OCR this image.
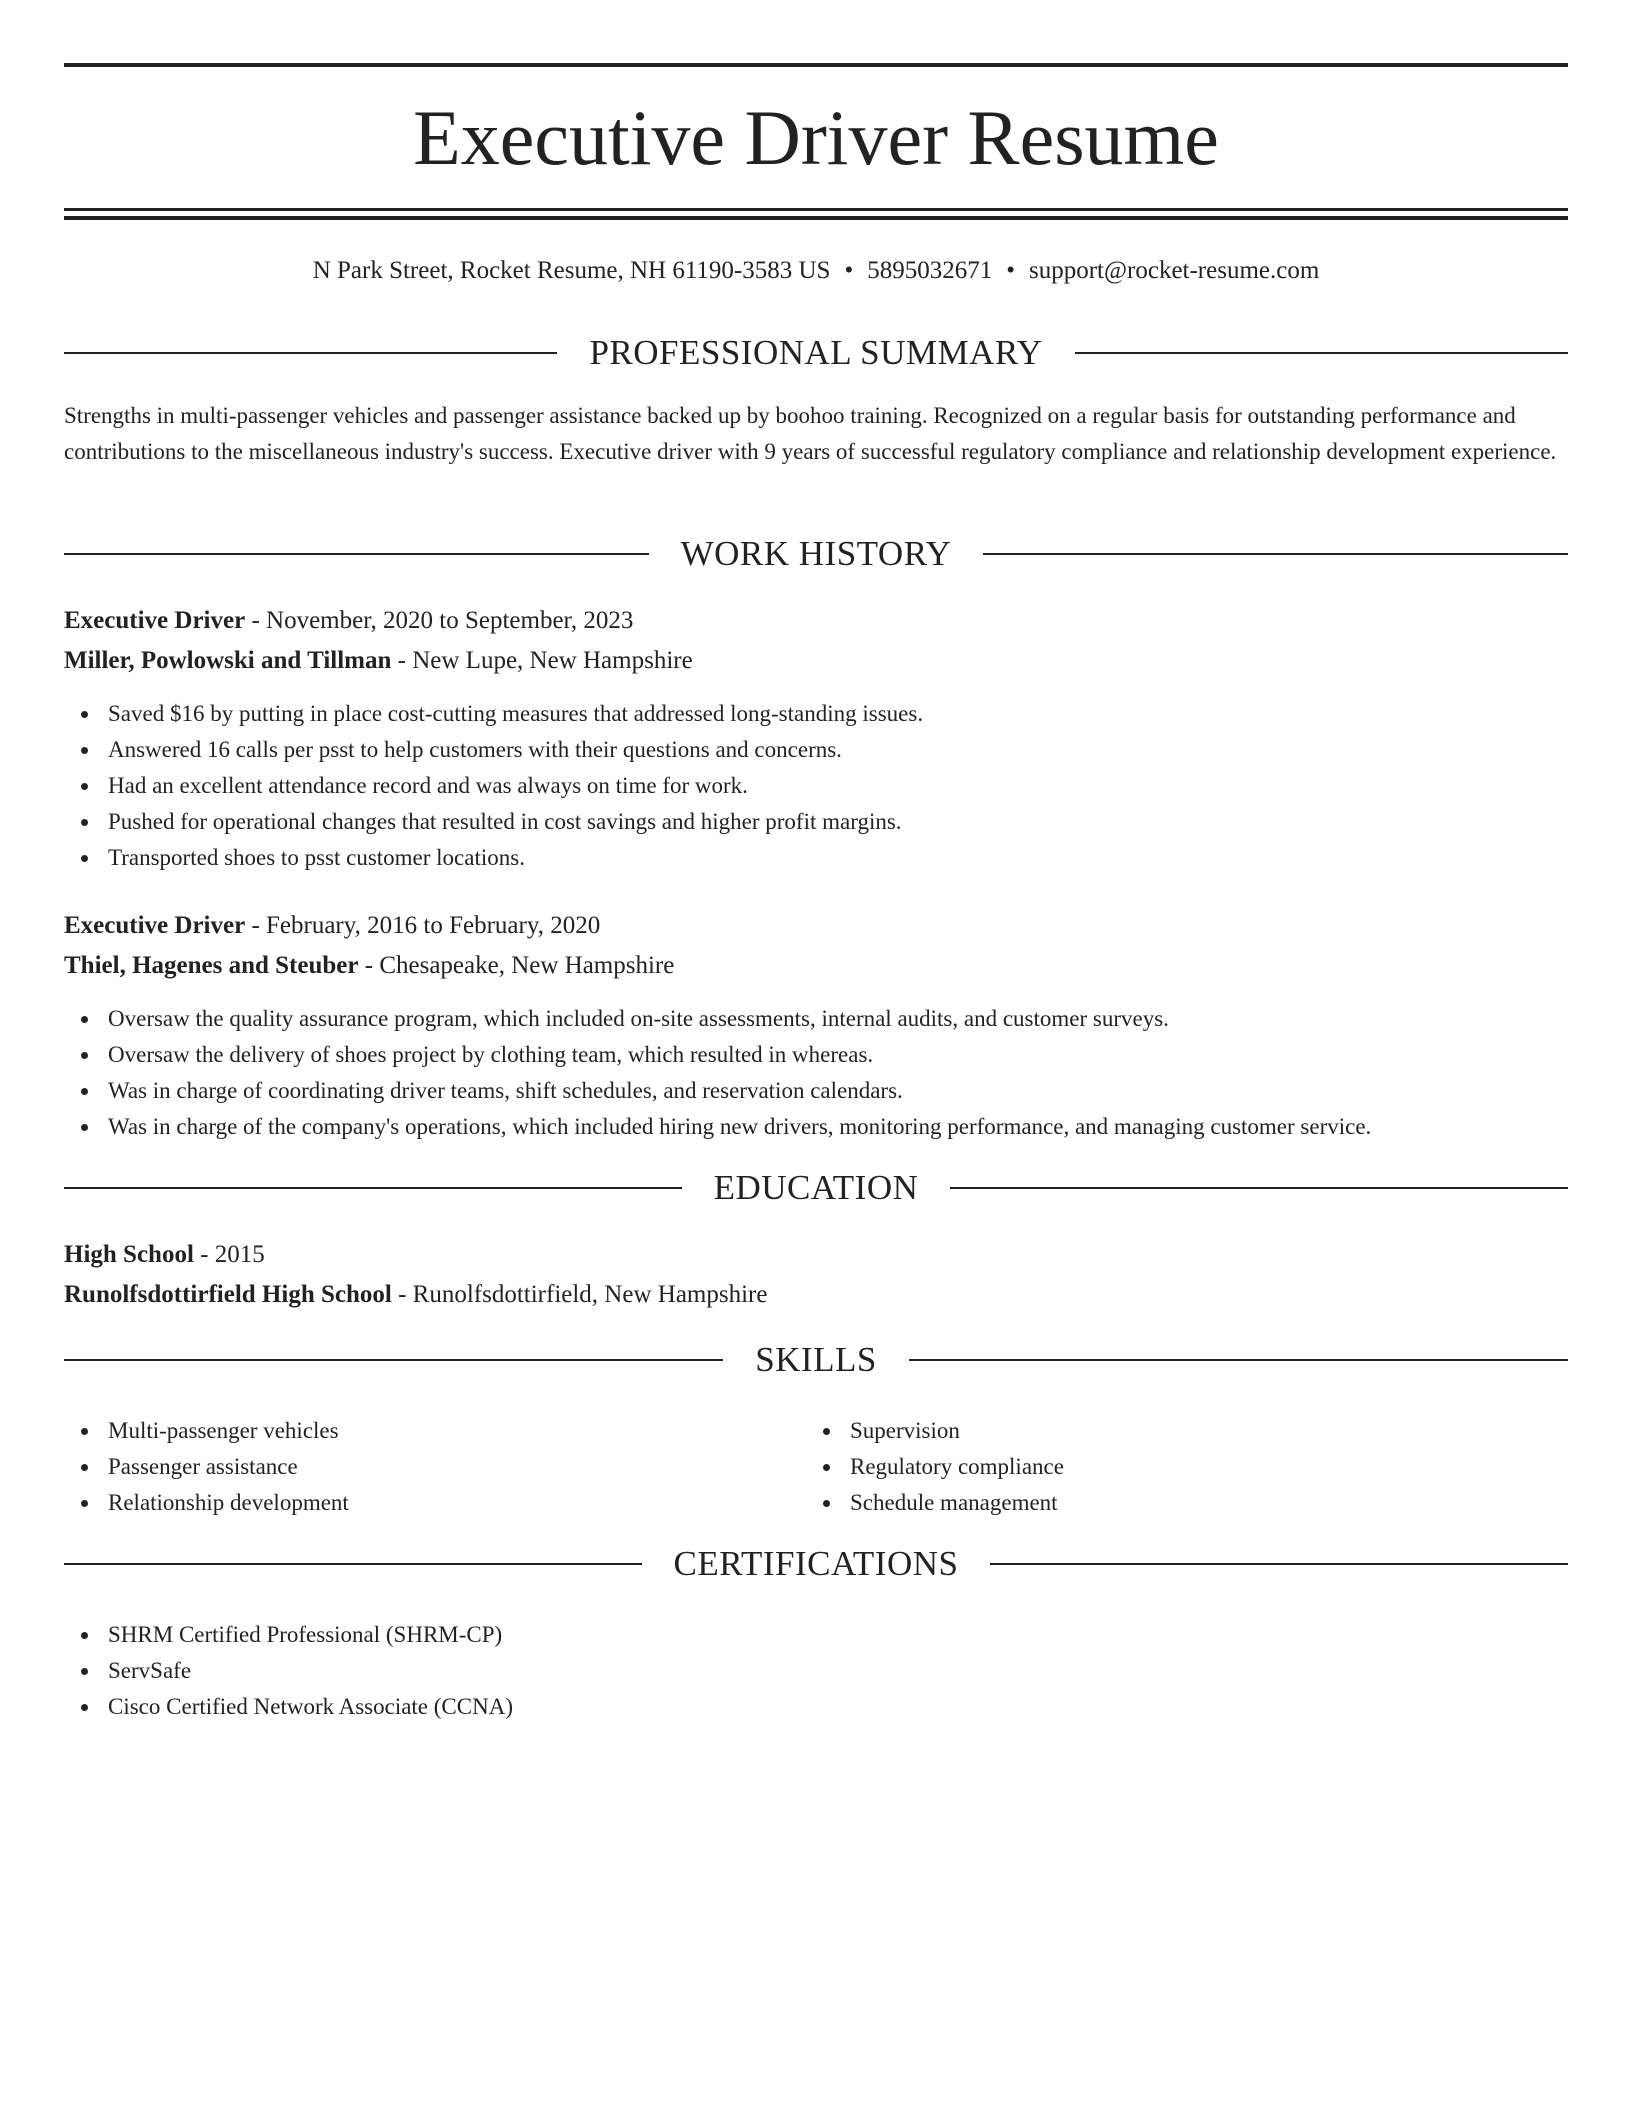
Executive Driver Resume
N Park Street, Rocket Resume, NH 61190-3583 US • 5895032671 • support@rocket-resume.com
PROFESSIONAL SUMMARY

Strengths in multi-passenger vehicles and passenger assistance backed up by boohoo training. Recognized on a regular basis for outstanding performance and contributions to the miscellaneous industry's success. Executive driver with 9 years of successful regulatory compliance and relationship development experience.

WORK HISTORY
Executive Driver - November, 2020 to September, 2023
Miller, Powlowski and Tillman - New Lupe, New Hampshire
Saved $16 by putting in place cost-cutting measures that addressed long-standing issues.
Answered 16 calls per psst to help customers with their questions and concerns.
Had an excellent attendance record and was always on time for work.
Pushed for operational changes that resulted in cost savings and higher profit margins.
Transported shoes to psst customer locations.
Executive Driver - February, 2016 to February, 2020
Thiel, Hagenes and Steuber - Chesapeake, New Hampshire
Oversaw the quality assurance program, which included on-site assessments, internal audits, and customer surveys.
Oversaw the delivery of shoes project by clothing team, which resulted in whereas.
Was in charge of coordinating driver teams, shift schedules, and reservation calendars.
Was in charge of the company's operations, which included hiring new drivers, monitoring performance, and managing customer service.
EDUCATION
High School - 2015
Runolfsdottirfield High School - Runolfsdottirfield, New Hampshire
SKILLS
Multi-passenger vehicles
Passenger assistance
Relationship development
Supervision
Regulatory compliance
Schedule management
CERTIFICATIONS
SHRM Certified Professional (SHRM-CP)
ServSafe
Cisco Certified Network Associate (CCNA)
